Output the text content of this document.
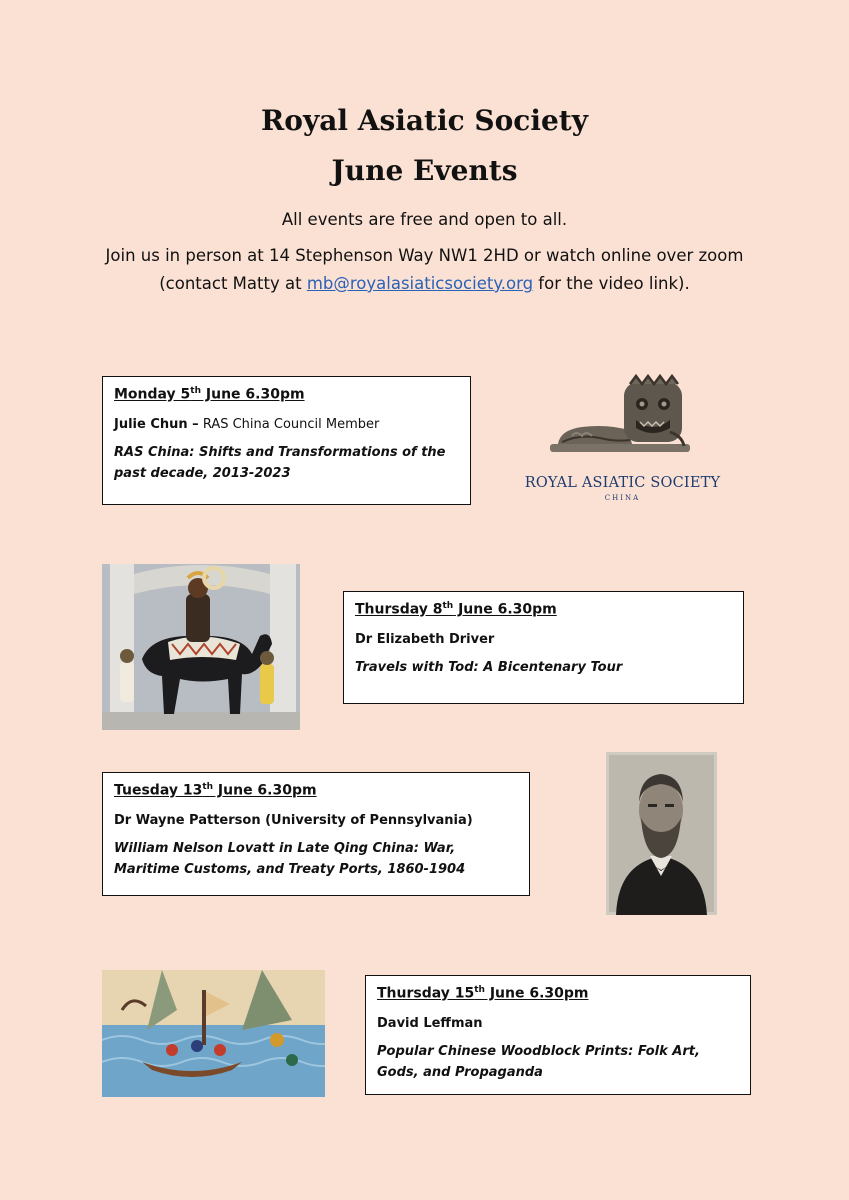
Royal Asiatic Society
June Events

All events are free and open to all.

Join us in person at 14 Stephenson Way NW1 2HD or watch online over zoom
(contact Matty at mb@royalasiaticsociety.org for the video link).

Monday 5th June 6.30pm

Julie Chun – RAS China Council Member

RAS China: Shifts and Transformations of the past decade, 2013-2023

ROYAL ASIATIC SOCIETY
CHINA

Thursday 8th June 6.30pm

Dr Elizabeth Driver

Travels with Tod: A Bicentenary Tour

Tuesday 13th June 6.30pm

Dr Wayne Patterson (University of Pennsylvania)

William Nelson Lovatt in Late Qing China: War, Maritime Customs, and Treaty Ports, 1860-1904

Thursday 15th June 6.30pm

David Leffman

Popular Chinese Woodblock Prints: Folk Art, Gods, and Propaganda
